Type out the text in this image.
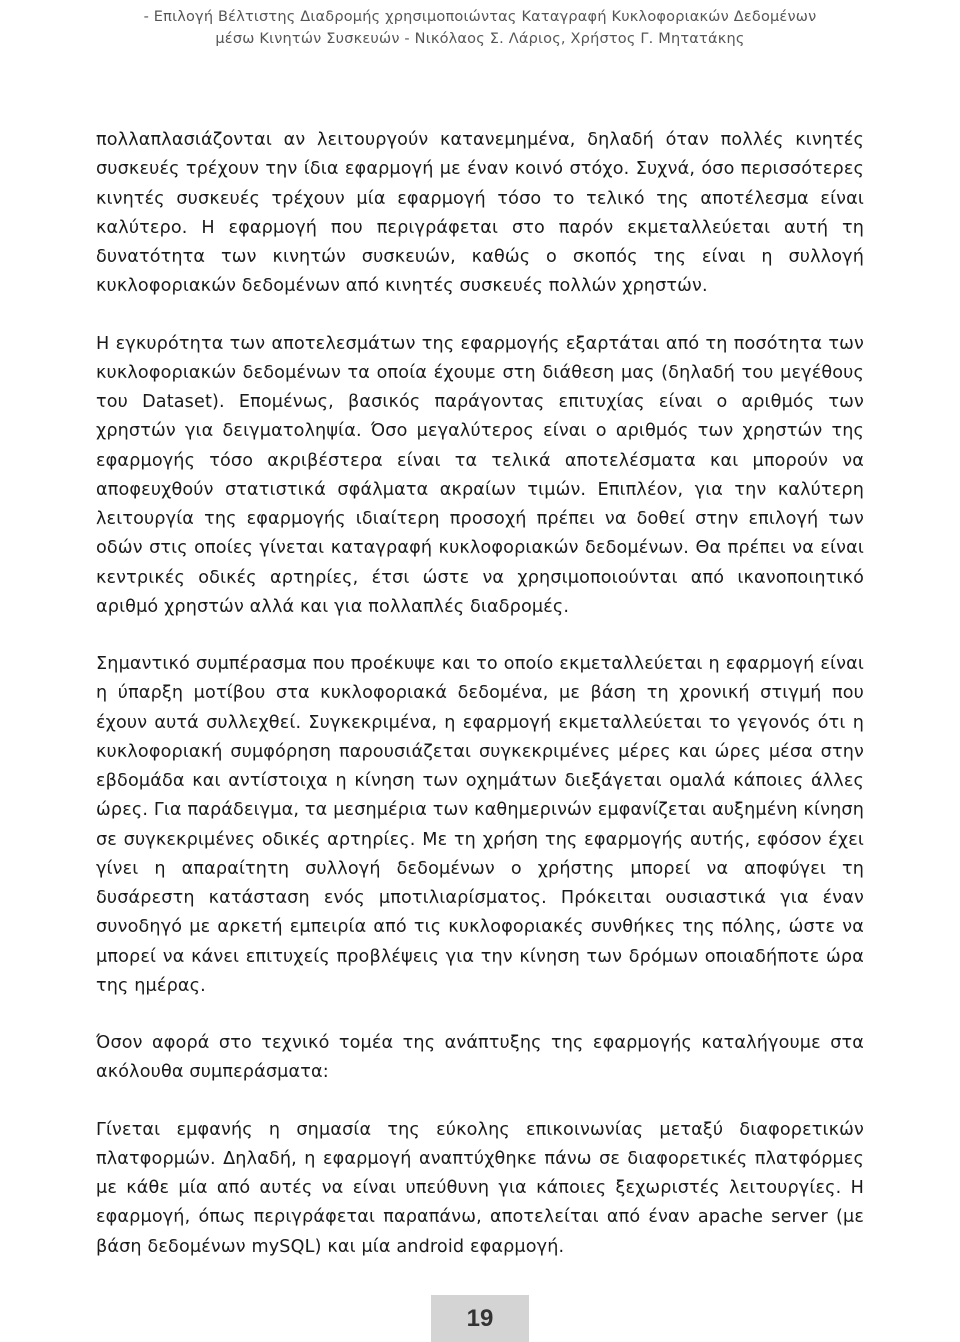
- Επιλογή Βέλτιστης Διαδρομής χρησιμοποιώντας Καταγραφή Κυκλοφοριακών Δεδομένων
μέσω Κινητών Συσκευών - Νικόλαος Σ. Λάριος, Χρήστος Γ. Μητατάκης

πολλαπλασιάζονται αν λειτουργούν κατανεμημένα, δηλαδή όταν πολλές κινητές συσκευές τρέχουν την ίδια εφαρμογή με έναν κοινό στόχο. Συχνά, όσο περισσότερες κινητές συσκευές τρέχουν μία εφαρμογή τόσο το τελικό της αποτέλεσμα είναι καλύτερο. Η εφαρμογή που περιγράφεται στο παρόν εκμεταλλεύεται αυτή τη δυνατότητα των κινητών συσκευών, καθώς ο σκοπός της είναι η συλλογή κυκλοφοριακών δεδομένων από κινητές συσκευές πολλών χρηστών.

Η εγκυρότητα των αποτελεσμάτων της εφαρμογής εξαρτάται από τη ποσότητα των κυκλοφοριακών δεδομένων τα οποία έχουμε στη διάθεση μας (δηλαδή του μεγέθους του Dataset). Επομένως, βασικός παράγοντας επιτυχίας είναι ο αριθμός των χρηστών για δειγματοληψία. Όσο μεγαλύτερος είναι ο αριθμός των χρηστών της εφαρμογής τόσο ακριβέστερα είναι τα τελικά αποτελέσματα και μπορούν να αποφευχθούν στατιστικά σφάλματα ακραίων τιμών. Επιπλέον, για την καλύτερη λειτουργία της εφαρμογής ιδιαίτερη προσοχή πρέπει να δοθεί στην επιλογή των οδών στις οποίες γίνεται καταγραφή κυκλοφοριακών δεδομένων. Θα πρέπει να είναι κεντρικές οδικές αρτηρίες, έτσι ώστε να χρησιμοποιούνται από ικανοποιητικό αριθμό χρηστών αλλά και για πολλαπλές διαδρομές.

Σημαντικό συμπέρασμα που προέκυψε και το οποίο εκμεταλλεύεται η εφαρμογή είναι η ύπαρξη μοτίβου στα κυκλοφοριακά δεδομένα, με βάση τη χρονική στιγμή που έχουν αυτά συλλεχθεί. Συγκεκριμένα, η εφαρμογή εκμεταλλεύεται το γεγονός ότι η κυκλοφοριακή συμφόρηση παρουσιάζεται συγκεκριμένες μέρες και ώρες μέσα στην εβδομάδα και αντίστοιχα η κίνηση των οχημάτων διεξάγεται ομαλά κάποιες άλλες ώρες. Για παράδειγμα, τα μεσημέρια των καθημερινών εμφανίζεται αυξημένη κίνηση σε συγκεκριμένες οδικές αρτηρίες. Με τη χρήση της εφαρμογής αυτής, εφόσον έχει γίνει η απαραίτητη συλλογή δεδομένων ο χρήστης μπορεί να αποφύγει τη δυσάρεστη κατάσταση ενός μποτιλιαρίσματος. Πρόκειται ουσιαστικά για έναν συνοδηγό με αρκετή εμπειρία από τις κυκλοφοριακές συνθήκες της πόλης, ώστε να μπορεί να κάνει επιτυχείς προβλέψεις για την κίνηση των δρόμων οποιαδήποτε ώρα της ημέρας.

Όσον αφορά στο τεχνικό τομέα της ανάπτυξης της εφαρμογής καταλήγουμε στα ακόλουθα συμπεράσματα:

Γίνεται εμφανής η σημασία της εύκολης επικοινωνίας μεταξύ διαφορετικών πλατφορμών. Δηλαδή, η εφαρμογή αναπτύχθηκε πάνω σε διαφορετικές πλατφόρμες με κάθε μία από αυτές να είναι υπεύθυνη για κάποιες ξεχωριστές λειτουργίες. Η εφαρμογή, όπως περιγράφεται παραπάνω, αποτελείται από έναν apache server (με βάση δεδομένων mySQL) και μία android εφαρμογή.

19
